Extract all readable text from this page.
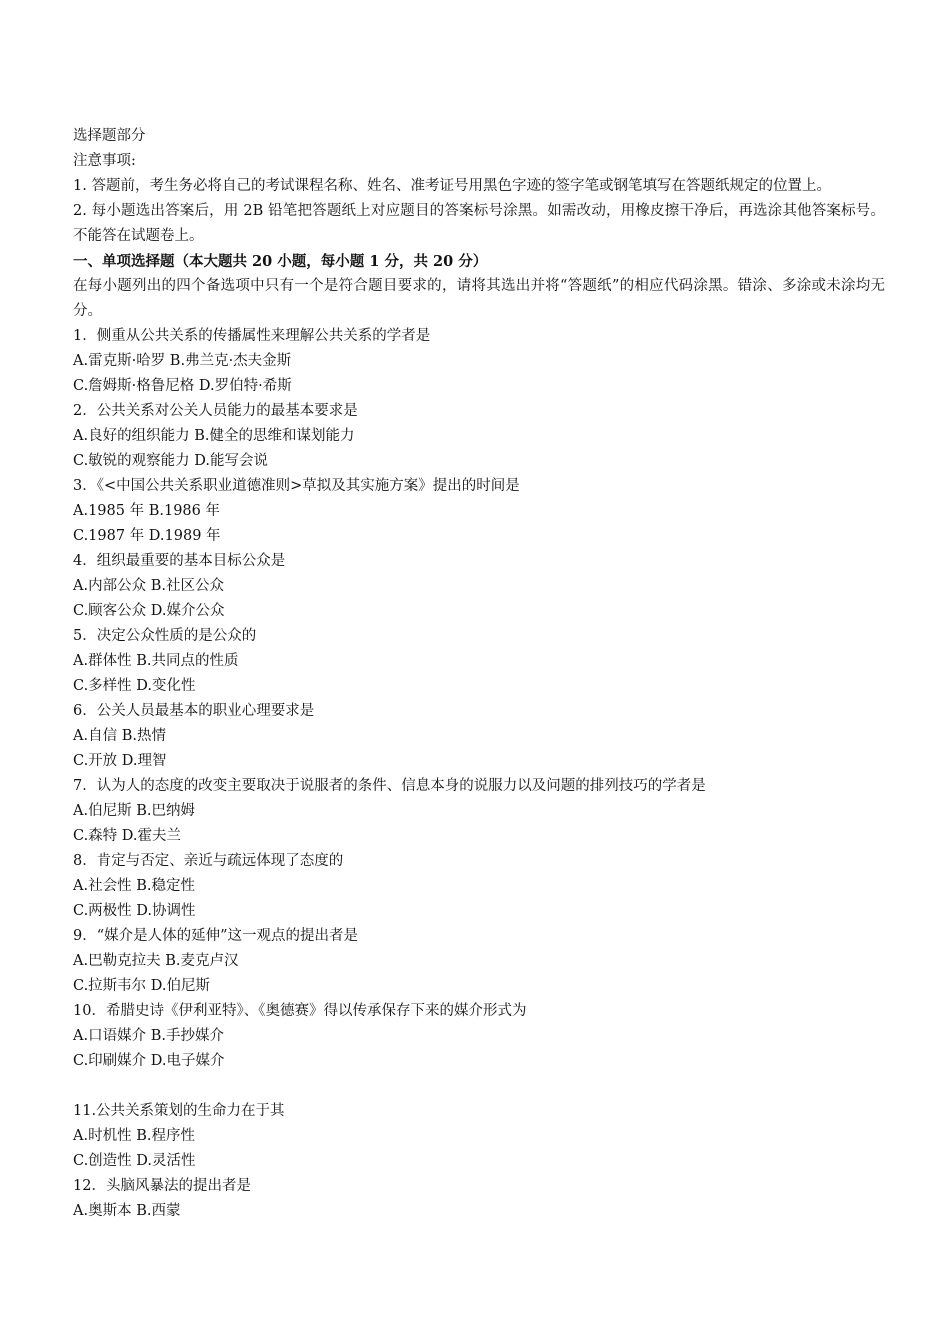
选择题部分
注意事项:
1. 答题前，考生务必将自己的考试课程名称、姓名、准考证号用黑色字迹的签字笔或钢笔填写在答题纸规定的位置上。
2. 每小题选出答案后，用 2B 铅笔把答题纸上对应题目的答案标号涂黑。如需改动，用橡皮擦干净后，再选涂其他答案标号。不能答在试题卷上。
一、单项选择题（本大题共 20 小题，每小题 1 分，共 20 分）
在每小题列出的四个备选项中只有一个是符合题目要求的，请将其选出并将“答题纸”的相应代码涂黑。错涂、多涂或未涂均无分。
1．侧重从公共关系的传播属性来理解公共关系的学者是
A.雷克斯·哈罗 B.弗兰克·杰夫金斯
C.詹姆斯·格鲁尼格 D.罗伯特·希斯
2．公共关系对公关人员能力的最基本要求是
A.良好的组织能力 B.健全的思维和谋划能力
C.敏锐的观察能力 D.能写会说
3．《<中国公共关系职业道德准则>草拟及其实施方案》提出的时间是
A.1985 年 B.1986 年
C.1987 年 D.1989 年
4．组织最重要的基本目标公众是
A.内部公众 B.社区公众
C.顾客公众 D.媒介公众
5．决定公众性质的是公众的
A.群体性 B.共同点的性质
C.多样性 D.变化性
6．公关人员最基本的职业心理要求是
A.自信 B.热情
C.开放 D.理智
7．认为人的态度的改变主要取决于说服者的条件、信息本身的说服力以及问题的排列技巧的学者是
A.伯尼斯 B.巴纳姆
C.森特 D.霍夫兰
8．肯定与否定、亲近与疏远体现了态度的
A.社会性 B.稳定性
C.两极性 D.协调性
9．“媒介是人体的延伸”这一观点的提出者是
A.巴勒克拉夫 B.麦克卢汉
C.拉斯韦尔 D.伯尼斯
10．希腊史诗《伊利亚特》、《奥德赛》得以传承保存下来的媒介形式为
A.口语媒介 B.手抄媒介
C.印刷媒介 D.电子媒介
11.公共关系策划的生命力在于其
A.时机性 B.程序性
C.创造性 D.灵活性
12．头脑风暴法的提出者是
A.奥斯本 B.西蒙
